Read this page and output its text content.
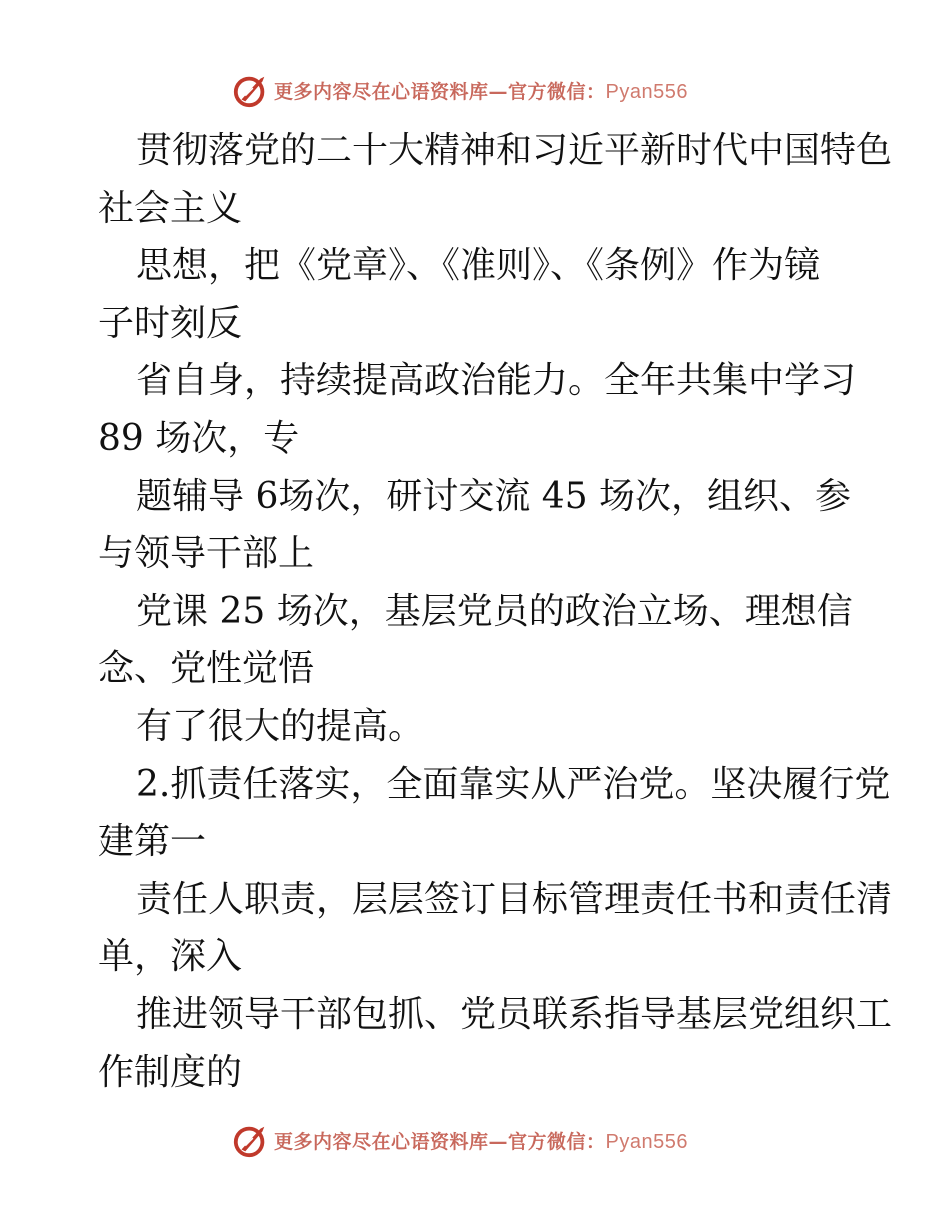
更多内容尽在心语资料库—官方微信：Pyan556

贯彻落党的二十大精神和习近平新时代中国特色

社会主义

思想，把《党章》、《准则》、《条例》作为镜

子时刻反

省自身，持续提高政治能力。全年共集中学习

89 场次，专

题辅导 6场次，研讨交流 45 场次，组织、参

与领导干部上

党课 25 场次，基层党员的政治立场、理想信

念、党性觉悟

有了很大的提高。

2.抓责任落实，全面靠实从严治党。坚决履行党

建第一

责任人职责，层层签订目标管理责任书和责任清

单，深入

推进领导干部包抓、党员联系指导基层党组织工

作制度的

更多内容尽在心语资料库—官方微信：Pyan556
